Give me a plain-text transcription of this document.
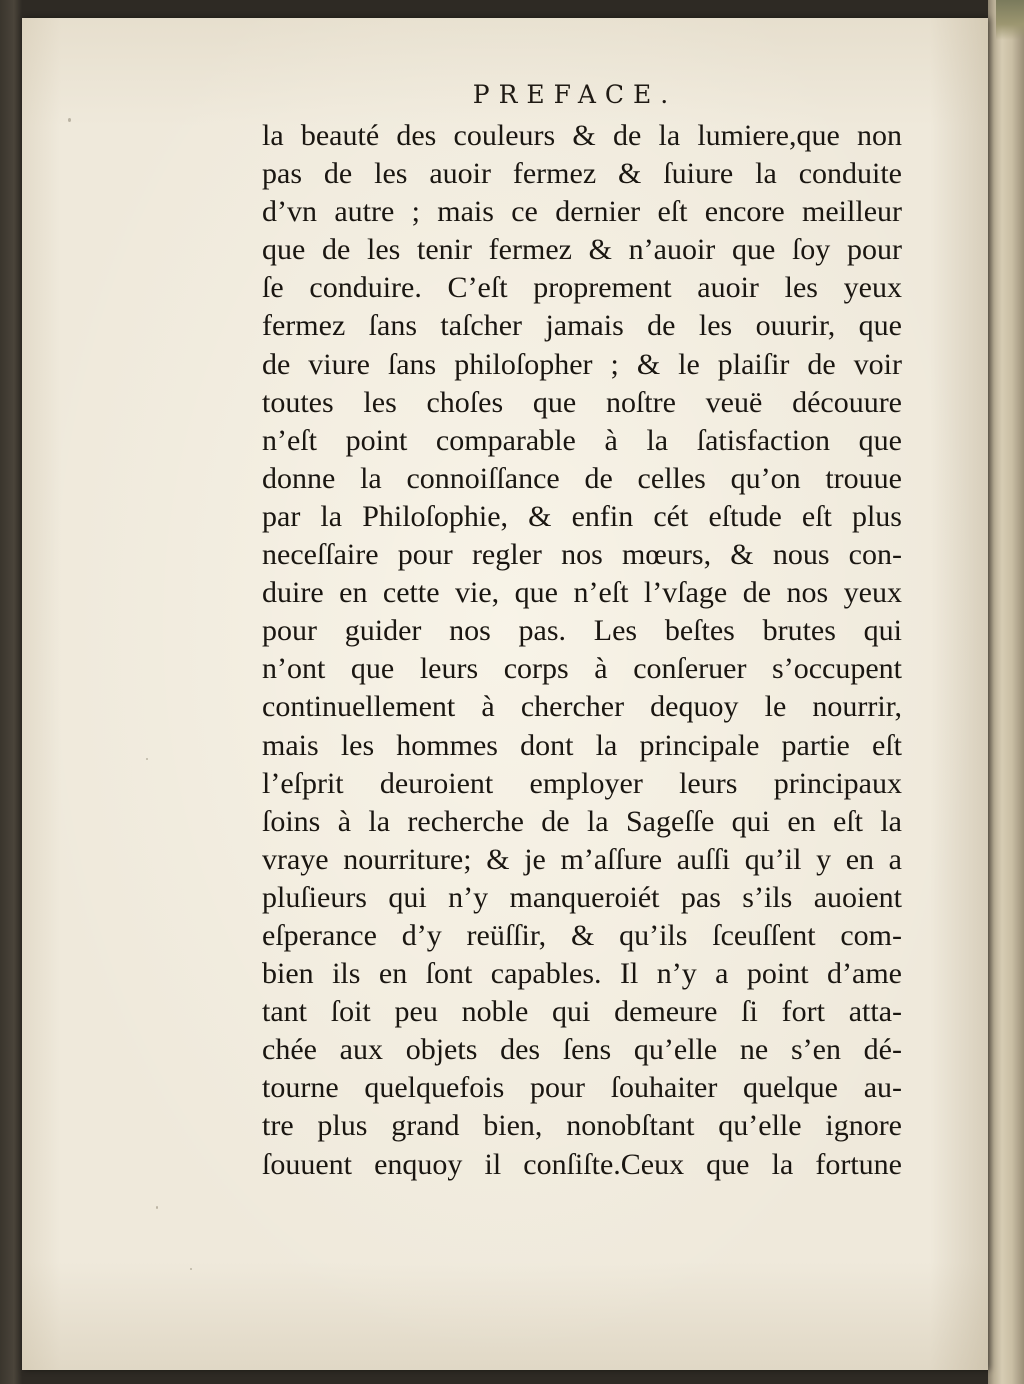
PREFACE.
la beauté des couleurs & de la lumiere,que non
pas de les auoir fermez & ſuiure la conduite
d’vn autre ; mais ce dernier eſt encore meilleur
que de les tenir fermez & n’auoir que ſoy pour
ſe conduire. C’eſt proprement auoir les yeux
fermez ſans taſcher jamais de les ouurir, que
de viure ſans philoſopher ; & le plaiſir de voir
toutes les choſes que noſtre veuë découure
n’eſt point comparable à la ſatisfaction que
donne la connoiſſance de celles qu’on trouue
par la Philoſophie, & enfin cét eſtude eſt plus
neceſſaire pour regler nos mœurs, & nous con-
duire en cette vie, que n’eſt l’vſage de nos yeux
pour guider nos pas. Les beſtes brutes qui
n’ont que leurs corps à conſeruer s’occupent
continuellement à chercher dequoy le nourrir,
mais les hommes dont la principale partie eſt
l’eſprit deuroient employer leurs principaux
ſoins à la recherche de la Sageſſe qui en eſt la
vraye nourriture; & je m’aſſure auſſi qu’il y en a
pluſieurs qui n’y manqueroiét pas s’ils auoient
eſperance d’y reüſſir, & qu’ils ſceuſſent com-
bien ils en ſont capables. Il n’y a point d’ame
tant ſoit peu noble qui demeure ſi fort atta-
chée aux objets des ſens qu’elle ne s’en dé-
tourne quelquefois pour ſouhaiter quelque au-
tre plus grand bien, nonobſtant qu’elle ignore
ſouuent enquoy il conſiſte.Ceux que la fortune
